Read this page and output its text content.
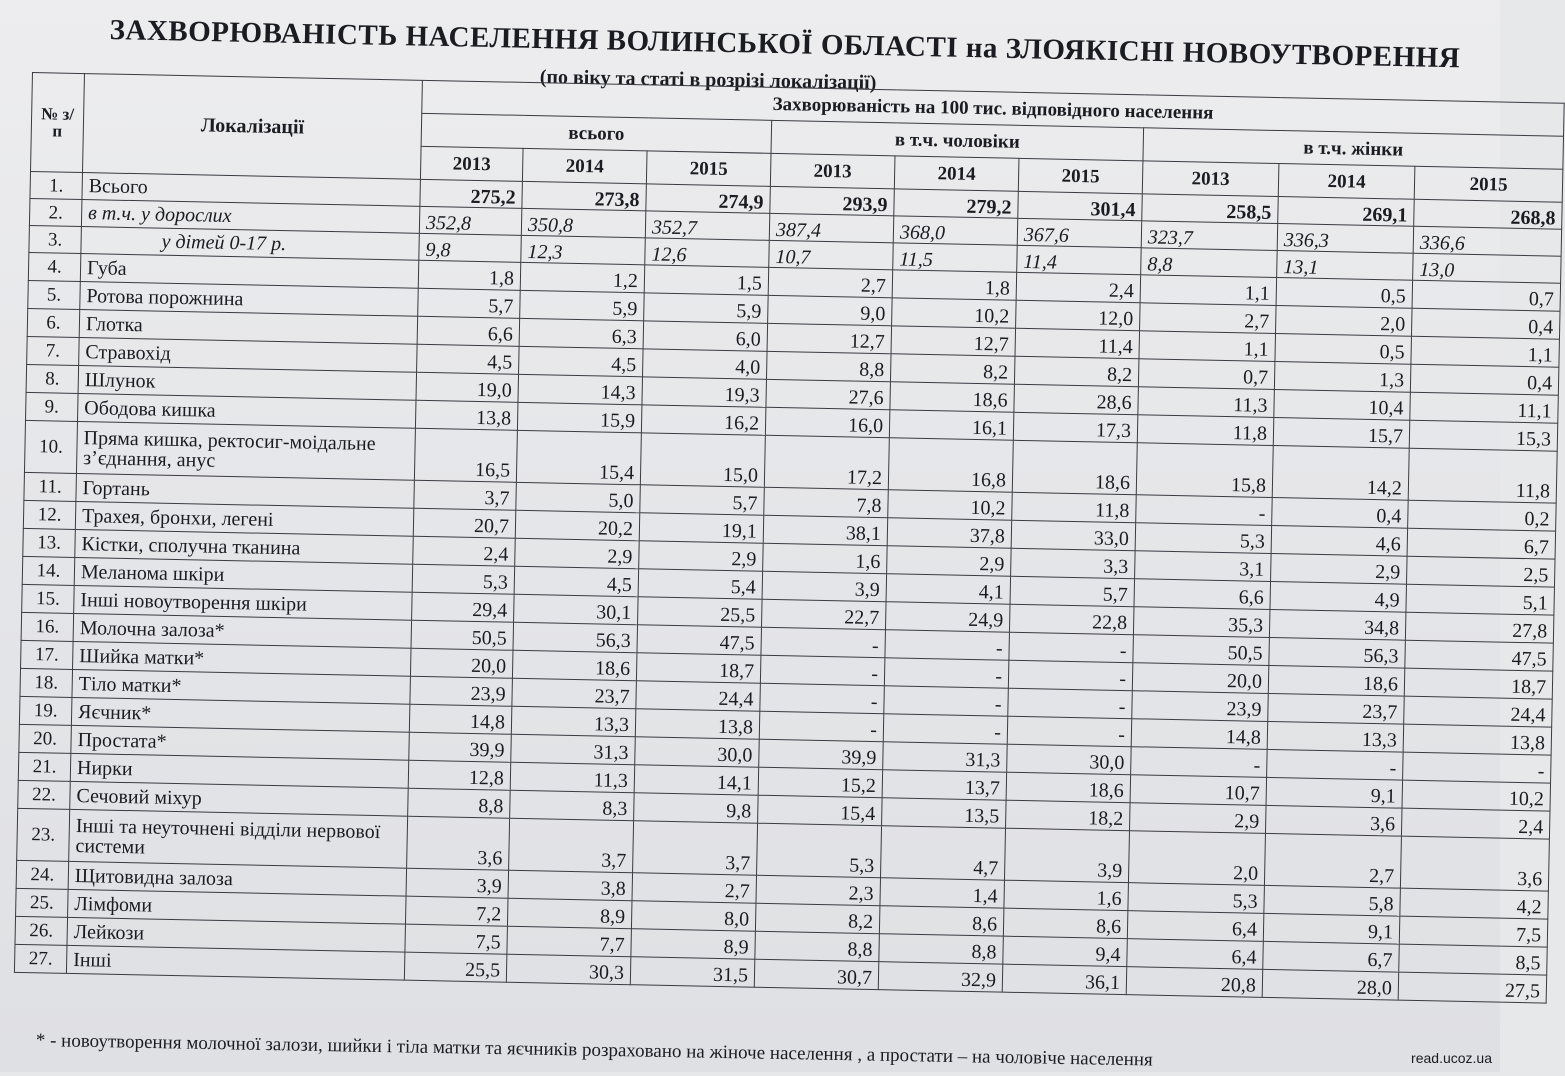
ЗАХВОРЮВАНІСТЬ НАСЕЛЕННЯ ВОЛИНСЬКОЇ ОБЛАСТІ на ЗЛОЯКІСНІ НОВОУТВОРЕННЯ
(по віку та статі в розрізі локалізації)
№ з/п	Локалізації	Захворюваність на 100 тис. відповідного населення								
		всього			в т.ч. чоловіки			в т.ч. жінки		
		2013	2014	2015	2013	2014	2015	2013	2014	2015
1.	Всього	275,2	273,8	274,9	293,9	279,2	301,4	258,5	269,1	268,8
2.	в т.ч. у дорослих	352,8	350,8	352,7	387,4	368,0	367,6	323,7	336,3	336,6
3.	у дітей 0-17 р.	9,8	12,3	12,6	10,7	11,5	11,4	8,8	13,1	13,0
4.	Губа	1,8	1,2	1,5	2,7	1,8	2,4	1,1	0,5	0,7
5.	Ротова порожнина	5,7	5,9	5,9	9,0	10,2	12,0	2,7	2,0	0,4
6.	Глотка	6,6	6,3	6,0	12,7	12,7	11,4	1,1	0,5	1,1
7.	Стравохід	4,5	4,5	4,0	8,8	8,2	8,2	0,7	1,3	0,4
8.	Шлунок	19,0	14,3	19,3	27,6	18,6	28,6	11,3	10,4	11,1
9.	Ободова кишка	13,8	15,9	16,2	16,0	16,1	17,3	11,8	15,7	15,3
10.	Пряма кишка, ректосиг-моідальне з’єднання, анус	16,5	15,4	15,0	17,2	16,8	18,6	15,8	14,2	11,8
11.	Гортань	3,7	5,0	5,7	7,8	10,2	11,8	-	0,4	0,2
12.	Трахея, бронхи, легені	20,7	20,2	19,1	38,1	37,8	33,0	5,3	4,6	6,7
13.	Кістки, сполучна тканина	2,4	2,9	2,9	1,6	2,9	3,3	3,1	2,9	2,5
14.	Меланома шкіри	5,3	4,5	5,4	3,9	4,1	5,7	6,6	4,9	5,1
15.	Інші новоутворення шкіри	29,4	30,1	25,5	22,7	24,9	22,8	35,3	34,8	27,8
16.	Молочна залоза*	50,5	56,3	47,5	-	-	-	50,5	56,3	47,5
17.	Шийка матки*	20,0	18,6	18,7	-	-	-	20,0	18,6	18,7
18.	Тіло матки*	23,9	23,7	24,4	-	-	-	23,9	23,7	24,4
19.	Яєчник*	14,8	13,3	13,8	-	-	-	14,8	13,3	13,8
20.	Простата*	39,9	31,3	30,0	39,9	31,3	30,0	-	-	-
21.	Нирки	12,8	11,3	14,1	15,2	13,7	18,6	10,7	9,1	10,2
22.	Сечовий міхур	8,8	8,3	9,8	15,4	13,5	18,2	2,9	3,6	2,4
23.	Інші та неуточнені відділи нервової системи	3,6	3,7	3,7	5,3	4,7	3,9	2,0	2,7	3,6
24.	Щитовидна залоза	3,9	3,8	2,7	2,3	1,4	1,6	5,3	5,8	4,2
25.	Лімфоми	7,2	8,9	8,0	8,2	8,6	8,6	6,4	9,1	7,5
26.	Лейкози	7,5	7,7	8,9	8,8	8,8	9,4	6,4	6,7	8,5
27.	Інші	25,5	30,3	31,5	30,7	32,9	36,1	20,8	28,0	27,5
* - новоутворення молочної залози, шийки і тіла матки та яєчників розраховано на жіноче населення , а простати – на чоловіче населення	read.ucoz.ua
